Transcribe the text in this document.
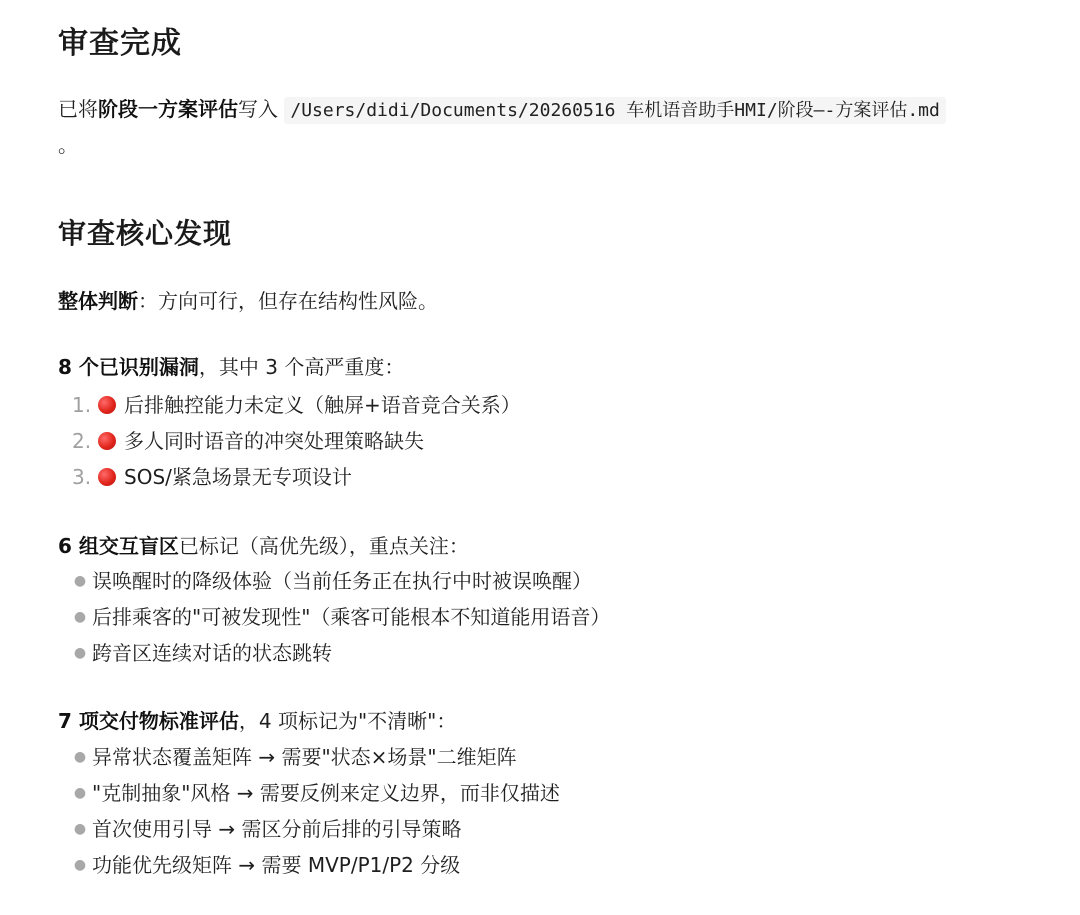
审查完成
已将阶段一方案评估写入 /Users/didi/Documents/20260516 车机语音助手HMI/阶段—-方案评估.md
。
审查核心发现
整体判断：方向可行，但存在结构性风险。
8 个已识别漏洞，其中 3 个高严重度：
1.	后排触控能力未定义（触屏+语音竞合关系）
2.	多人同时语音的冲突处理策略缺失
3.	SOS/紧急场景无专项设计
6 组交互盲区已标记（高优先级），重点关注：
● 误唤醒时的降级体验（当前任务正在执行中时被误唤醒）
● 后排乘客的"可被发现性"（乘客可能根本不知道能用语音）
● 跨音区连续对话的状态跳转
7 项交付物标准评估，4 项标记为"不清晰"：
● 异常状态覆盖矩阵 → 需要"状态×场景"二维矩阵
● "克制抽象"风格 → 需要反例来定义边界，而非仅描述
● 首次使用引导 → 需区分前后排的引导策略
● 功能优先级矩阵 → 需要 MVP/P1/P2 分级
